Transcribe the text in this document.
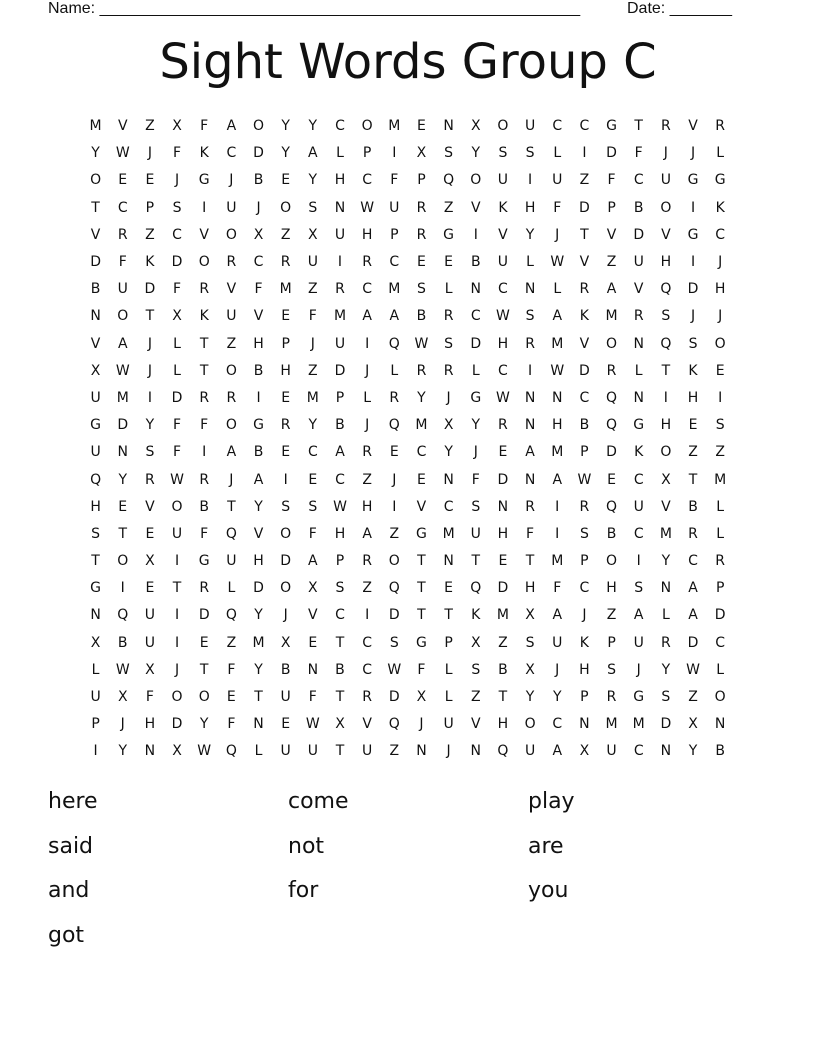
Name: ______________________________________________________	Date: _______
Sight Words Group C
M	V	Z	X	F	A	O	Y	Y	C	O	M	E	N	X	O	U	C	C	G	T	R	V	R
Y	W	J	F	K	C	D	Y	A	L	P	I	X	S	Y	S	S	L	I	D	F	J	J	L
O	E	E	J	G	J	B	E	Y	H	C	F	P	Q	O	U	I	U	Z	F	C	U	G	G
T	C	P	S	I	U	J	O	S	N	W	U	R	Z	V	K	H	F	D	P	B	O	I	K
V	R	Z	C	V	O	X	Z	X	U	H	P	R	G	I	V	Y	J	T	V	D	V	G	C
D	F	K	D	O	R	C	R	U	I	R	C	E	E	B	U	L	W	V	Z	U	H	I	J
B	U	D	F	R	V	F	M	Z	R	C	M	S	L	N	C	N	L	R	A	V	Q	D	H
N	O	T	X	K	U	V	E	F	M	A	A	B	R	C	W	S	A	K	M	R	S	J	J
V	A	J	L	T	Z	H	P	J	U	I	Q	W	S	D	H	R	M	V	O	N	Q	S	O
X	W	J	L	T	O	B	H	Z	D	J	L	R	R	L	C	I	W	D	R	L	T	K	E
U	M	I	D	R	R	I	E	M	P	L	R	Y	J	G	W	N	N	C	Q	N	I	H	I
G	D	Y	F	F	O	G	R	Y	B	J	Q	M	X	Y	R	N	H	B	Q	G	H	E	S
U	N	S	F	I	A	B	E	C	A	R	E	C	Y	J	E	A	M	P	D	K	O	Z	Z
Q	Y	R	W	R	J	A	I	E	C	Z	J	E	N	F	D	N	A	W	E	C	X	T	M
H	E	V	O	B	T	Y	S	S	W	H	I	V	C	S	N	R	I	R	Q	U	V	B	L
S	T	E	U	F	Q	V	O	F	H	A	Z	G	M	U	H	F	I	S	B	C	M	R	L
T	O	X	I	G	U	H	D	A	P	R	O	T	N	T	E	T	M	P	O	I	Y	C	R
G	I	E	T	R	L	D	O	X	S	Z	Q	T	E	Q	D	H	F	C	H	S	N	A	P
N	Q	U	I	D	Q	Y	J	V	C	I	D	T	T	K	M	X	A	J	Z	A	L	A	D
X	B	U	I	E	Z	M	X	E	T	C	S	G	P	X	Z	S	U	K	P	U	R	D	C
L	W	X	J	T	F	Y	B	N	B	C	W	F	L	S	B	X	J	H	S	J	Y	W	L
U	X	F	O	O	E	T	U	F	T	R	D	X	L	Z	T	Y	Y	P	R	G	S	Z	O
P	J	H	D	Y	F	N	E	W	X	V	Q	J	U	V	H	O	C	N	M	M	D	X	N
I	Y	N	X	W	Q	L	U	U	T	U	Z	N	J	N	Q	U	A	X	U	C	N	Y	B
here	come	play
said	not	are
and	for	you
got
